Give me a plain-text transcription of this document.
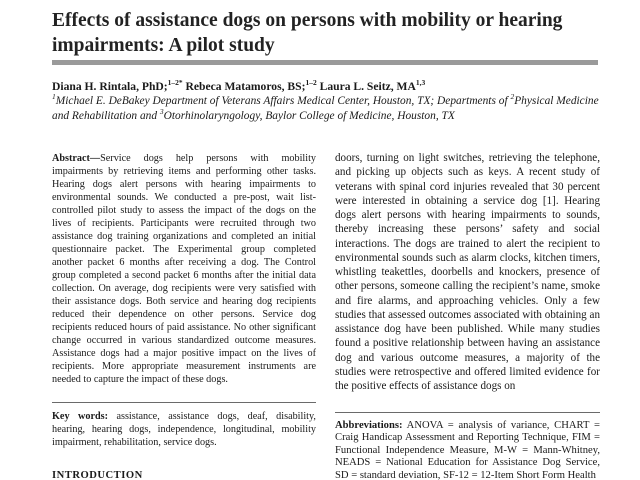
Effects of assistance dogs on persons with mobility or hearing impairments: A pilot study
Diana H. Rintala, PhD;$^{1-2*}$ Rebeca Matamoros, BS;$^{1-2}$ Laura L. Seitz, MA$^{1,3}$
$^1$Michael E. DeBakey Department of Veterans Affairs Medical Center, Houston, TX; Departments of $^2$Physical Medicine and Rehabilitation and $^3$Otorhinolaryngology, Baylor College of Medicine, Houston, TX
Abstract—Service dogs help persons with mobility impairments by retrieving items and performing other tasks. Hearing dogs alert persons with hearing impairments to environmental sounds. We conducted a pre-post, wait list-controlled pilot study to assess the impact of the dogs on the lives of recipients. Participants were recruited through two assistance dog training organizations and completed an initial questionnaire packet. The Experimental group completed another packet 6 months after receiving a dog. The Control group completed a second packet 6 months after the initial data collection. On average, dog recipients were very satisfied with their assistance dogs. Both service and hearing dog recipients reduced their dependence on other persons. Service dog recipients reduced hours of paid assistance. No other significant change occurred in various standardized outcome measures. Assistance dogs had a major positive impact on the lives of recipients. More appropriate measurement instruments are needed to capture the impact of these dogs.
doors, turning on light switches, retrieving the telephone, and picking up objects such as keys. A recent study of veterans with spinal cord injuries revealed that 30 percent were interested in obtaining a service dog [1]. Hearing dogs alert persons with hearing impairments to sounds, thereby increasing these persons’ safety and social interactions. The dogs are trained to alert the recipient to environmental sounds such as alarm clocks, kitchen timers, whistling teakettles, doorbells and knockers, presence of other persons, someone calling the recipient’s name, smoke and fire alarms, and approaching vehicles. Only a few studies that assessed outcomes associated with obtaining an assistance dog have been published. While many studies found a positive relationship between having an assistance dog and various outcome measures, a majority of the studies were retrospective and offered limited evidence for the positive effects of assistance dogs on
Key words: assistance, assistance dogs, deaf, disability, hearing, hearing dogs, independence, longitudinal, mobility impairment, rehabilitation, service dogs.
Abbreviations: ANOVA = analysis of variance, CHART = Craig Handicap Assessment and Reporting Technique, FIM = Functional Independence Measure, M-W = Mann-Whitney, NEADS = National Education for Assistance Dog Service, SD = standard deviation, SF-12 = 12-Item Short Form Health
INTRODUCTION
